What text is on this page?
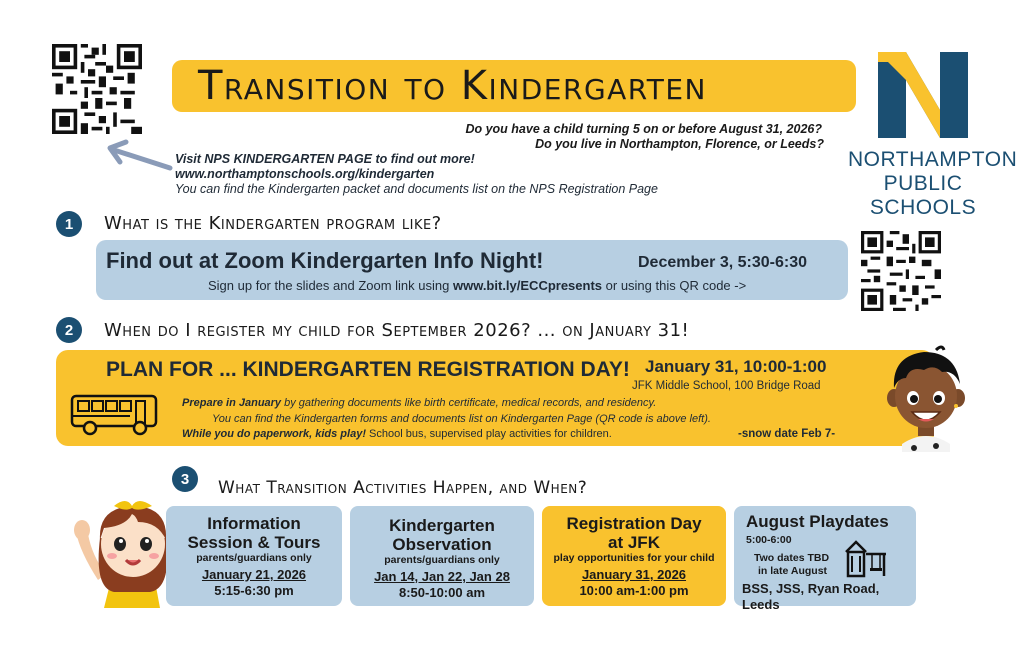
Transition to Kindergarten
Do you have a child turning 5 on or before August 31, 2026?
Do you live in Northampton, Florence, or Leeds?
Visit NPS KINDERGARTEN PAGE to find out more!
www.northamptonschools.org/kindergarten
You can find the Kindergarten packet and documents list on the NPS Registration Page
NORTHAMPTON
PUBLIC SCHOOLS
1	What is the Kindergarten program like?
Find out at Zoom Kindergarten Info Night!	December 3, 5:30-6:30
Sign up for the slides and Zoom link using www.bit.ly/ECCpresents or using this QR code ->
2	When do I register my child for September 2026? ... on January 31!
PLAN FOR ... KINDERGARTEN REGISTRATION DAY! January 31, 10:00-1:00
JFK Middle School, 100 Bridge Road
Prepare in January by gathering documents like birth certificate, medical records, and residency.
You can find the Kindergarten forms and documents list on Kindergarten Page (QR code is above left).
While you do paperwork, kids play! School bus, supervised play activities for children.	-snow date Feb 7-
3	What Transition Activities Happen, and When?
Information
Session & Tours
parents/guardians only
January 21, 2026
5:15-6:30 pm
Kindergarten
Observation
parents/guardians only
Jan 14, Jan 22, Jan 28
8:50-10:00 am
Registration Day
at JFK
play opportunities for your child
January 31, 2026
10:00 am-1:00 pm
August Playdates
5:00-6:00
Two dates TBD
in late August
BSS, JSS, Ryan Road, Leeds
